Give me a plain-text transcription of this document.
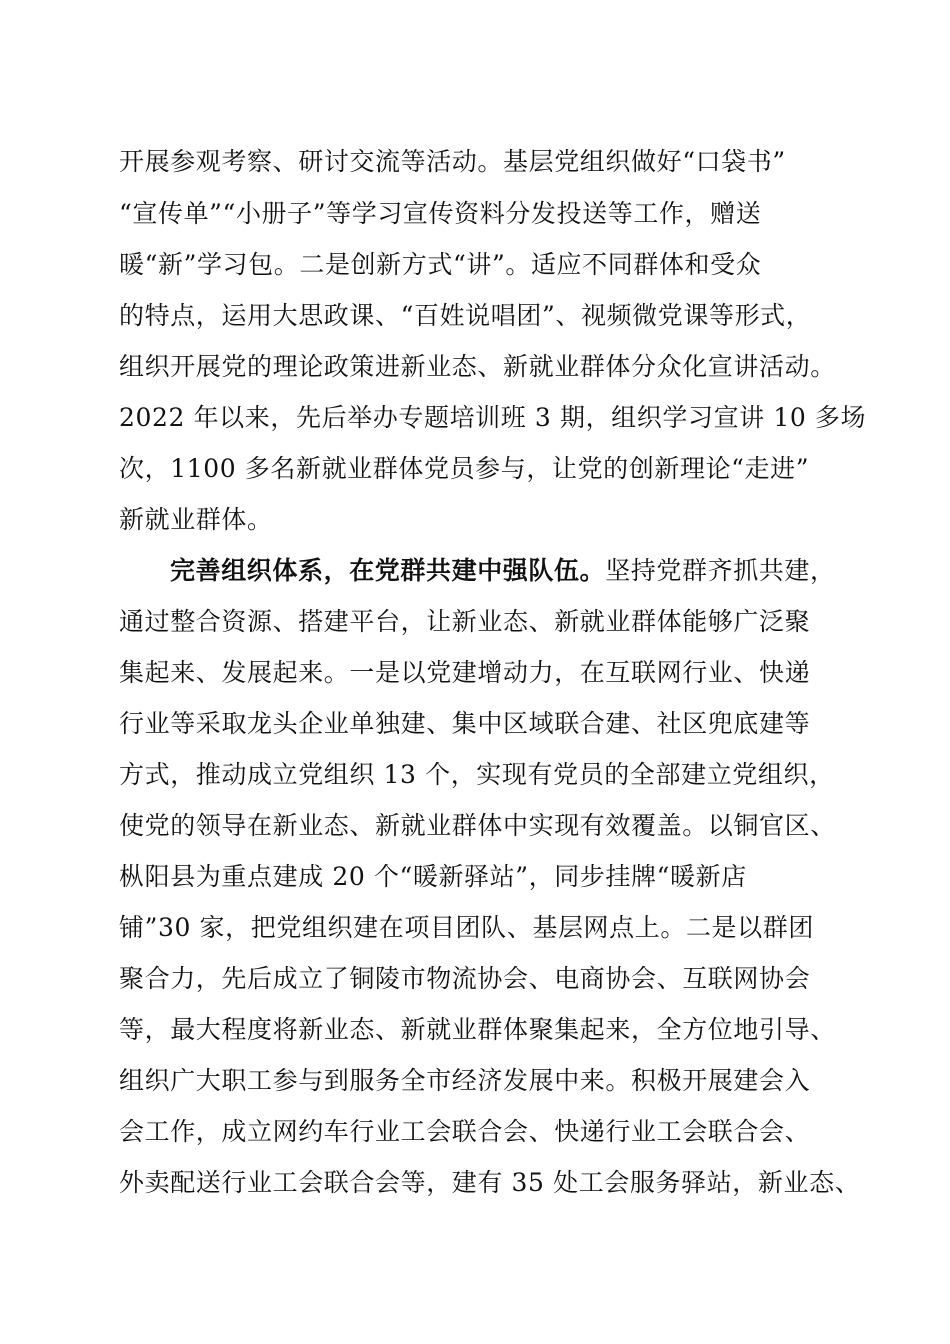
开展参观考察、研讨交流等活动。基层党组织做好“口袋书”
“宣传单”“小册子”等学习宣传资料分发投送等工作，赠送
暖“新”学习包。二是创新方式“讲”。适应不同群体和受众
的特点，运用大思政课、“百姓说唱团”、视频微党课等形式，
组织开展党的理论政策进新业态、新就业群体分众化宣讲活动。
2022 年以来，先后举办专题培训班 3 期，组织学习宣讲 10 多场
次，1100 多名新就业群体党员参与，让党的创新理论“走进”
新就业群体。
完善组织体系，在党群共建中强队伍。坚持党群齐抓共建，
通过整合资源、搭建平台，让新业态、新就业群体能够广泛聚
集起来、发展起来。一是以党建增动力，在互联网行业、快递
行业等采取龙头企业单独建、集中区域联合建、社区兜底建等
方式，推动成立党组织 13 个，实现有党员的全部建立党组织，
使党的领导在新业态、新就业群体中实现有效覆盖。以铜官区、
枞阳县为重点建成 20 个“暖新驿站”，同步挂牌“暖新店
铺”30 家，把党组织建在项目团队、基层网点上。二是以群团
聚合力，先后成立了铜陵市物流协会、电商协会、互联网协会
等，最大程度将新业态、新就业群体聚集起来，全方位地引导、
组织广大职工参与到服务全市经济发展中来。积极开展建会入
会工作，成立网约车行业工会联合会、快递行业工会联合会、
外卖配送行业工会联合会等，建有 35 处工会服务驿站，新业态、
